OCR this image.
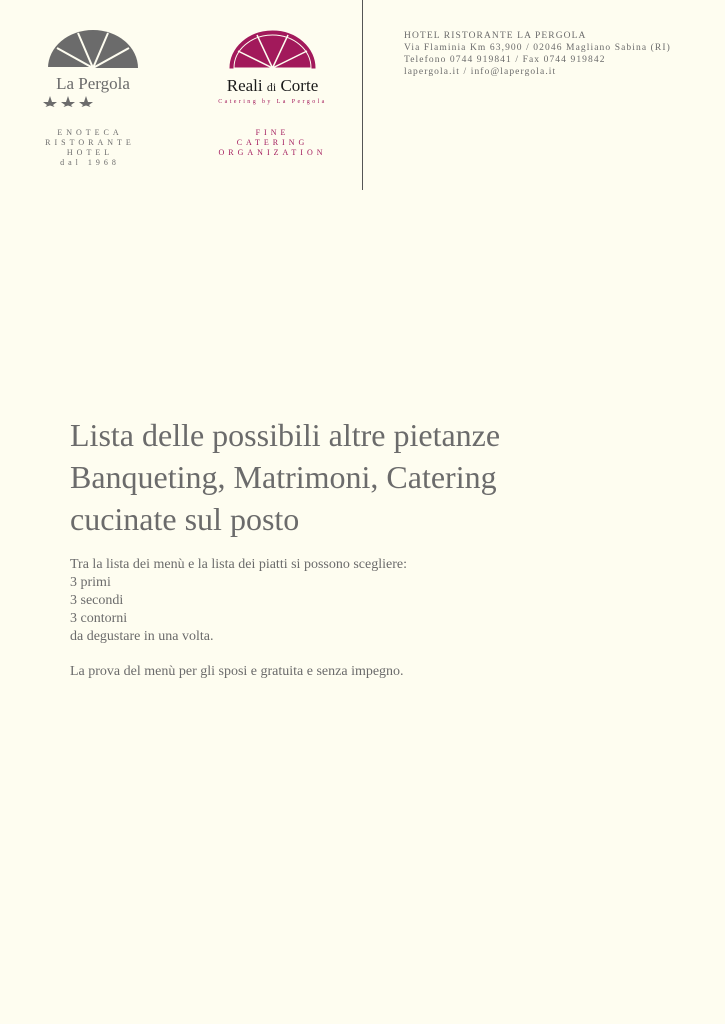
La Pergola
ENOTECA
RISTORANTE
HOTEL
dal 1968
Reali di Corte
Catering by La Pergola
FINE
CATERING
ORGANIZATION
HOTEL RISTORANTE LA PERGOLA
Via Flaminia Km 63,900 / 02046 Magliano Sabina (RI)
Telefono 0744 919841 / Fax 0744 919842
lapergola.it / info@lapergola.it
Lista delle possibili altre pietanze
Banqueting, Matrimoni, Catering
cucinate sul posto
Tra la lista dei menù e la lista dei piatti si possono scegliere:
3 primi
3 secondi
3 contorni
da degustare in una volta.
La prova del menù per gli sposi e gratuita e senza impegno.
